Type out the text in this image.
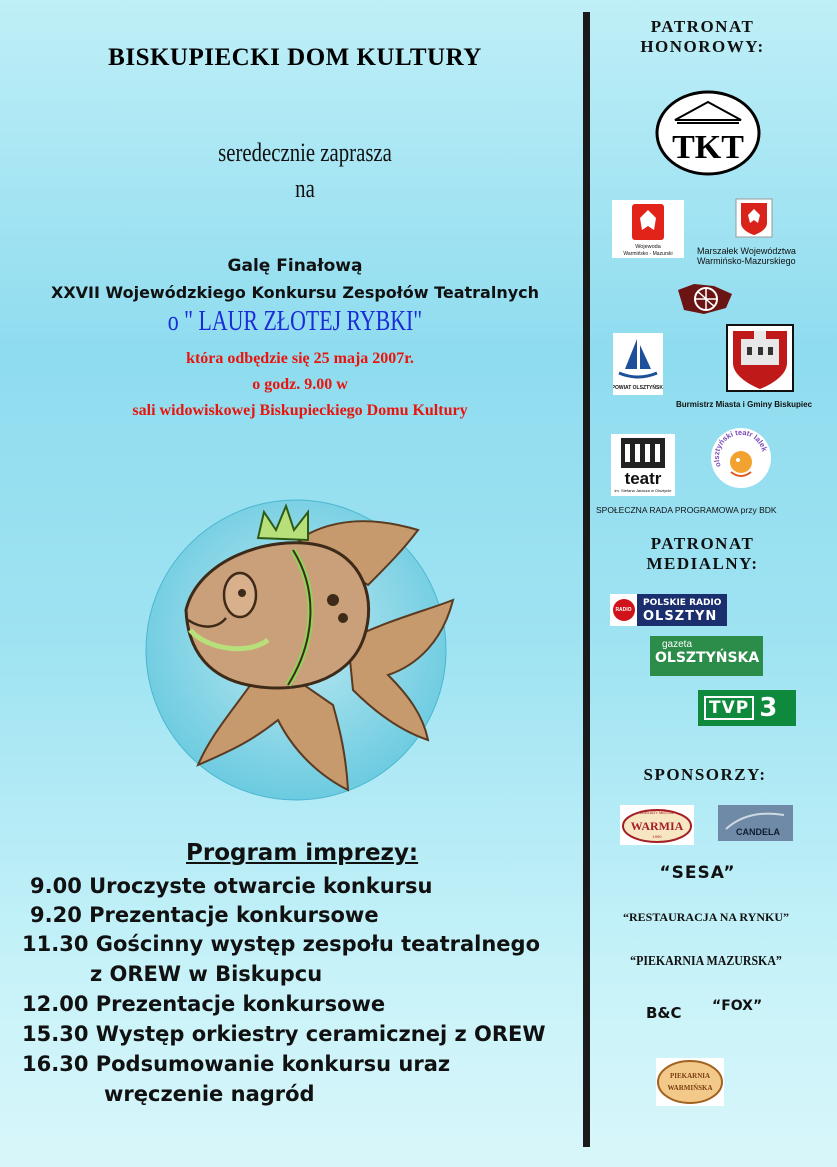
BISKUPIECKI DOM KULTURY
seredecznie zaprasza
na
Galę Finałową
XXVII Wojewódzkiego Konkursu Zespołów Teatralnych
o " LAUR ZŁOTEJ RYBKI"
która odbędzie się 25 maja 2007r.
o godz. 9.00 w
sali widowiskowej Biskupieckiego Domu Kultury
Program imprezy:
9.00 Uroczyste otwarcie konkursu
9.20 Prezentacje konkursowe
11.30 Gościnny występ zespołu teatralnego
z OREW w Biskupcu
12.00 Prezentacje konkursowe
15.30 Występ orkiestry ceramicznej z OREW
16.30 Podsumowanie konkursu uraz
wręczenie nagród
PATRONAT
HONOROWY:
TKT
Wojewoda
Warmińsko - Mazurski	Marszałek Województwa
Warmińsko-Mazurskiego
POWIAT OLSZTYŃSKI
Burmistrz Miasta i Gminy Biskupiec
teatr
im. Stefana Jaracza w Olsztynie
olsztyński teatr lalek
SPOŁECZNA RADA PROGRAMOWA przy BDK
PATRONAT
MEDIALNY:
RADIO
POLSKIE RADIO
OLSZTYN
gazeta
OLSZTYŃSKA
TVP 3
SPONSORZY:
ZAKŁADY MIĘSNE
WARMIA
1990	CANDELA
“SESA”
“RESTAURACJA NA RYNKU”
“PIEKARNIA MAZURSKA”
B&C “FOX”
PIEKARNIA
WARMIŃSKA
